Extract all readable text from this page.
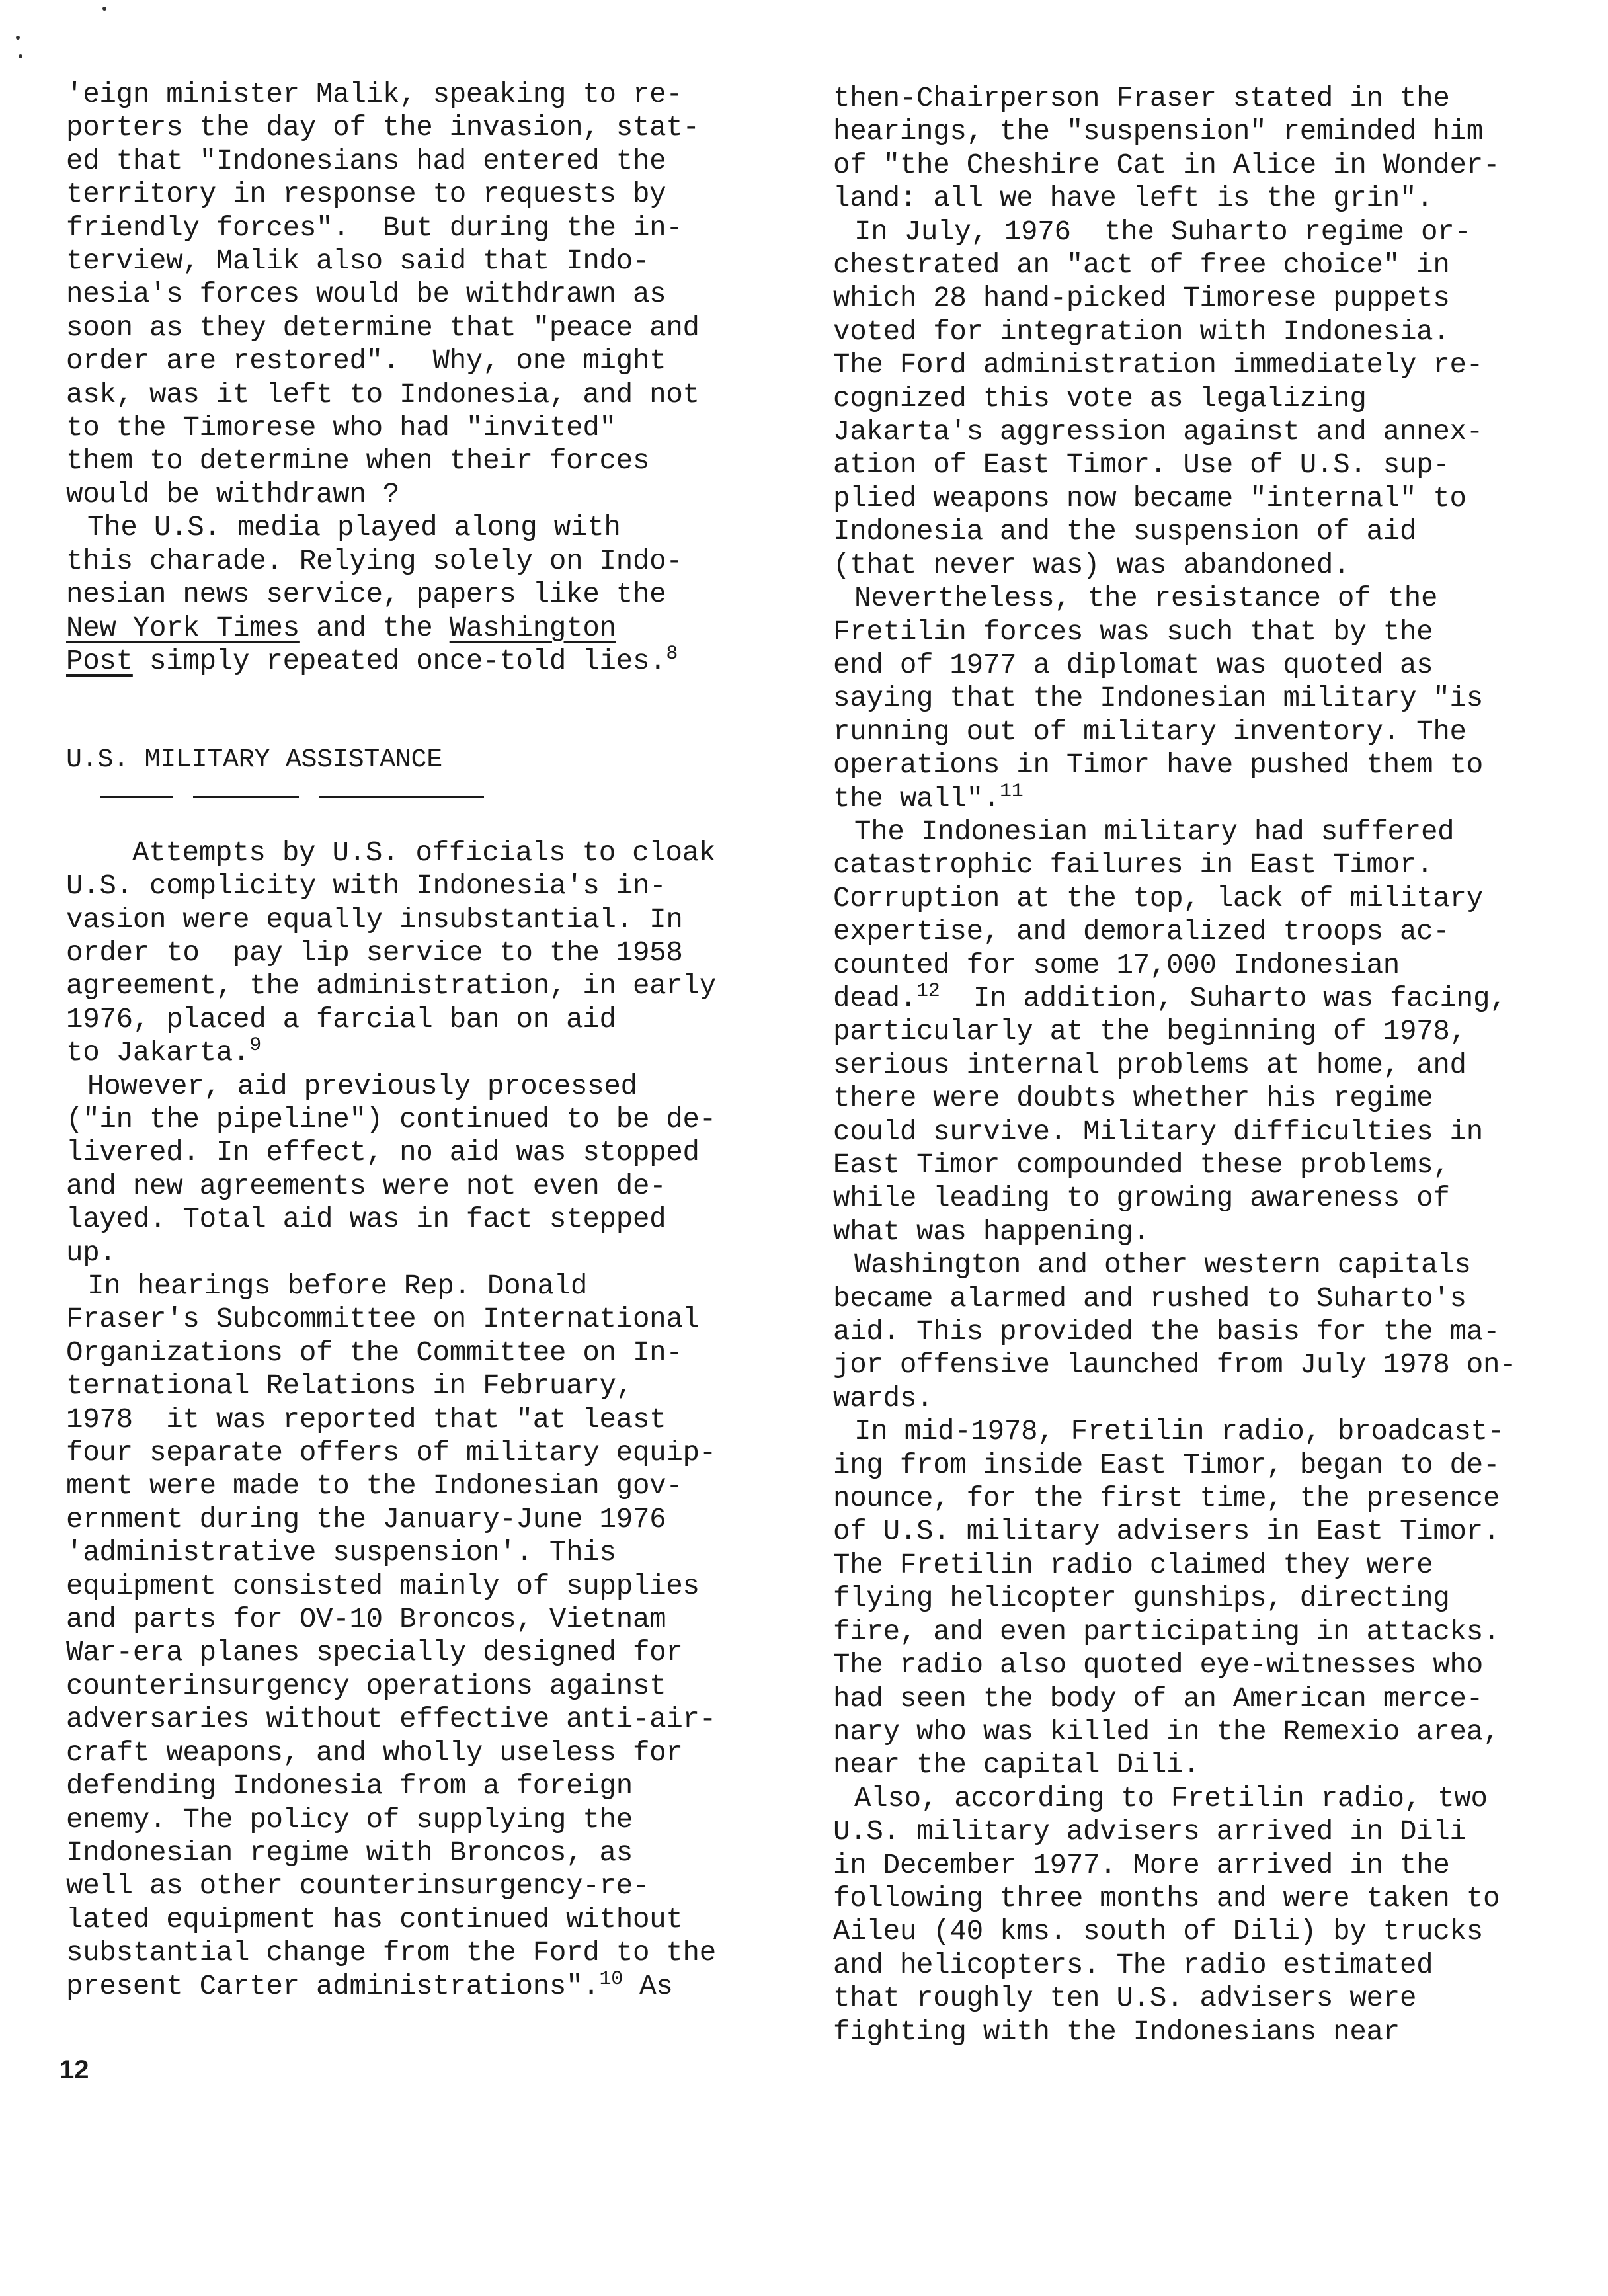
'eign minister Malik, speaking to re-

porters the day of the invasion, stat-

ed that "Indonesians had entered the

territory in response to requests by

friendly forces".  But during the in-

terview, Malik also said that Indo-

nesia's forces would be withdrawn as

soon as they determine that "peace and

order are restored".  Why, one might

ask, was it left to Indonesia, and not

to the Timorese who had "invited"

them to determine when their forces

would be withdrawn ?

The U.S. media played along with

this charade. Relying solely on Indo-

nesian news service, papers like the

New York Times and the Washington

Post simply repeated once-told lies.$^8$

U.S. MILITARY ASSISTANCE

Attempts by U.S. officials to cloak

U.S. complicity with Indonesia's in-

vasion were equally insubstantial. In

order to  pay lip service to the 1958

agreement, the administration, in early

1976, placed a farcial ban on aid

to Jakarta.$^9$

However, aid previously processed

("in the pipeline") continued to be de-

livered. In effect, no aid was stopped

and new agreements were not even de-

layed. Total aid was in fact stepped

up.

In hearings before Rep. Donald

Fraser's Subcommittee on International

Organizations of the Committee on In-

ternational Relations in February,

1978  it was reported that "at least

four separate offers of military equip-

ment were made to the Indonesian gov-

ernment during the January-June 1976

'administrative suspension'. This

equipment consisted mainly of supplies

and parts for OV-10 Broncos, Vietnam

War-era planes specially designed for

counterinsurgency operations against

adversaries without effective anti-air-

craft weapons, and wholly useless for

defending Indonesia from a foreign

enemy. The policy of supplying the

Indonesian regime with Broncos, as

well as other counterinsurgency-re-

lated equipment has continued without

substantial change from the Ford to the

present Carter administrations".$^{10}$ As

then-Chairperson Fraser stated in the

hearings, the "suspension" reminded him

of "the Cheshire Cat in Alice in Wonder-

land: all we have left is the grin".

In July, 1976  the Suharto regime or-

chestrated an "act of free choice" in

which 28 hand-picked Timorese puppets

voted for integration with Indonesia.

The Ford administration immediately re-

cognized this vote as legalizing

Jakarta's aggression against and annex-

ation of East Timor. Use of U.S. sup-

plied weapons now became "internal" to

Indonesia and the suspension of aid

(that never was) was abandoned.

Nevertheless, the resistance of the

Fretilin forces was such that by the

end of 1977 a diplomat was quoted as

saying that the Indonesian military "is

running out of military inventory. The

operations in Timor have pushed them to

the wall".$^{11}$

The Indonesian military had suffered

catastrophic failures in East Timor.

Corruption at the top, lack of military

expertise, and demoralized troops ac-

counted for some 17,000 Indonesian

dead.$^{12}$  In addition, Suharto was facing,

particularly at the beginning of 1978,

serious internal problems at home, and

there were doubts whether his regime

could survive. Military difficulties in

East Timor compounded these problems,

while leading to growing awareness of

what was happening.

Washington and other western capitals

became alarmed and rushed to Suharto's

aid. This provided the basis for the ma-

jor offensive launched from July 1978 on-

wards.

In mid-1978, Fretilin radio, broadcast-

ing from inside East Timor, began to de-

nounce, for the first time, the presence

of U.S. military advisers in East Timor.

The Fretilin radio claimed they were

flying helicopter gunships, directing

fire, and even participating in attacks.

The radio also quoted eye-witnesses who

had seen the body of an American merce-

nary who was killed in the Remexio area,

near the capital Dili.

Also, according to Fretilin radio, two

U.S. military advisers arrived in Dili

in December 1977. More arrived in the

following three months and were taken to

Aileu (40 kms. south of Dili) by trucks

and helicopters. The radio estimated

that roughly ten U.S. advisers were

fighting with the Indonesians near

12
